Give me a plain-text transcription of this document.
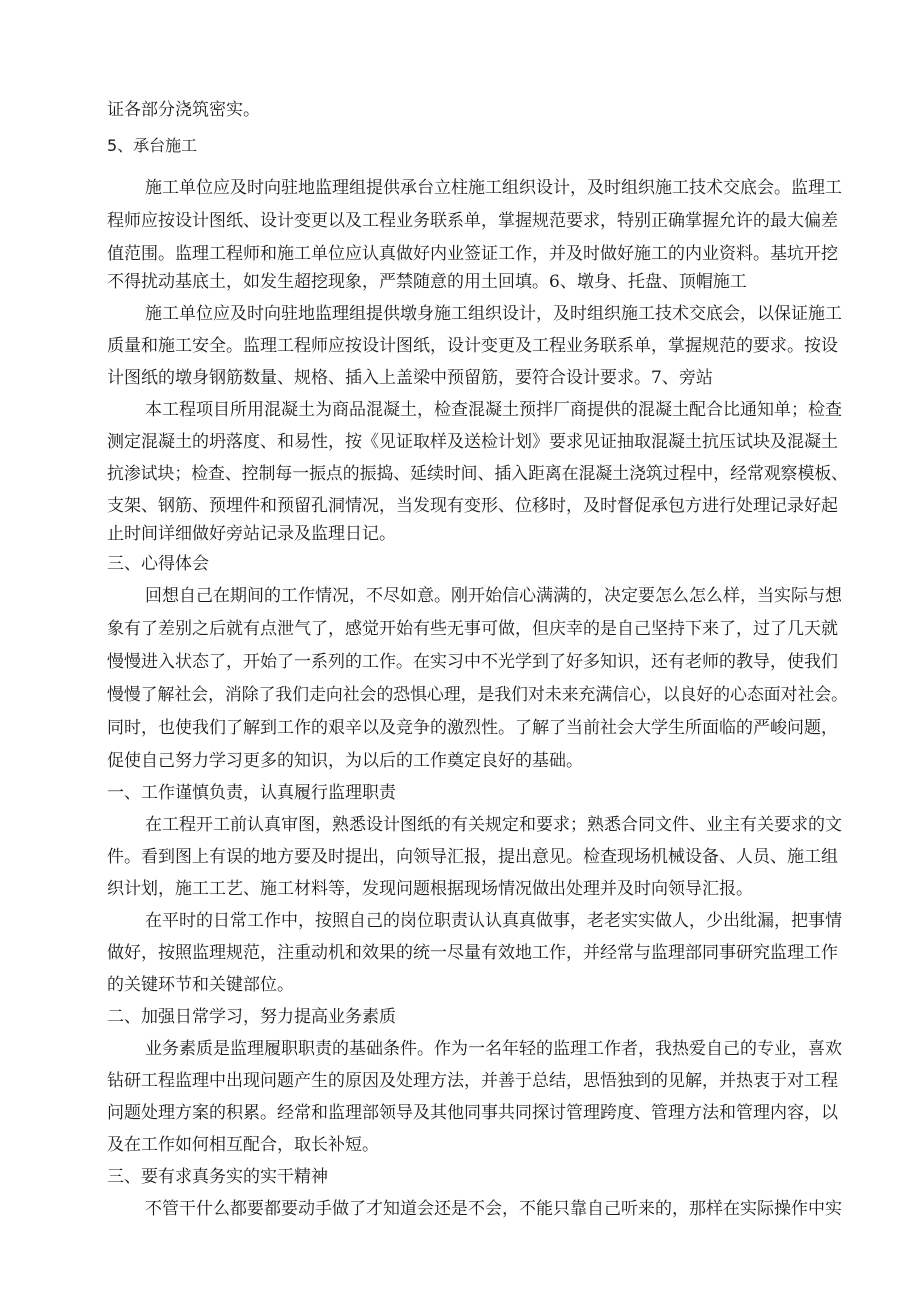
证各部分浇筑密实。
5、承台施工
施工单位应及时向驻地监理组提供承台立柱施工组织设计，及时组织施工技术交底会。监理工
程师应按设计图纸、设计变更以及工程业务联系单，掌握规范要求，特别正确掌握允许的最大偏差
值范围。监理工程师和施工单位应认真做好内业签证工作，并及时做好施工的内业资料。基坑开挖
不得扰动基底土，如发生超挖现象，严禁随意的用土回填。6、墩身、托盘、顶帽施工
施工单位应及时向驻地监理组提供墩身施工组织设计，及时组织施工技术交底会，以保证施工
质量和施工安全。监理工程师应按设计图纸，设计变更及工程业务联系单，掌握规范的要求。按设
计图纸的墩身钢筋数量、规格、插入上盖梁中预留筋，要符合设计要求。7、旁站
本工程项目所用混凝土为商品混凝土，检查混凝土预拌厂商提供的混凝土配合比通知单；检查
测定混凝土的坍落度、和易性，按《见证取样及送检计划》要求见证抽取混凝土抗压试块及混凝土
抗渗试块；检查、控制每一振点的振捣、延续时间、插入距离在混凝土浇筑过程中，经常观察模板、
支架、钢筋、预埋件和预留孔洞情况，当发现有变形、位移时，及时督促承包方进行处理记录好起
止时间详细做好旁站记录及监理日记。
三、心得体会
回想自己在期间的工作情况，不尽如意。刚开始信心满满的，决定要怎么怎么样，当实际与想
象有了差别之后就有点泄气了，感觉开始有些无事可做，但庆幸的是自己坚持下来了，过了几天就
慢慢进入状态了，开始了一系列的工作。在实习中不光学到了好多知识，还有老师的教导，使我们
慢慢了解社会，消除了我们走向社会的恐惧心理，是我们对未来充满信心，以良好的心态面对社会。
同时，也使我们了解到工作的艰辛以及竞争的激烈性。了解了当前社会大学生所面临的严峻问题，
促使自己努力学习更多的知识，为以后的工作奠定良好的基础。
一、工作谨慎负责，认真履行监理职责
在工程开工前认真审图，熟悉设计图纸的有关规定和要求；熟悉合同文件、业主有关要求的文
件。看到图上有误的地方要及时提出，向领导汇报，提出意见。检查现场机械设备、人员、施工组
织计划，施工工艺、施工材料等，发现问题根据现场情况做出处理并及时向领导汇报。
在平时的日常工作中，按照自己的岗位职责认认真真做事，老老实实做人，少出纰漏，把事情
做好，按照监理规范，注重动机和效果的统一尽量有效地工作，并经常与监理部同事研究监理工作
的关键环节和关键部位。
二、加强日常学习，努力提高业务素质
业务素质是监理履职职责的基础条件。作为一名年轻的监理工作者，我热爱自己的专业，喜欢
钻研工程监理中出现问题产生的原因及处理方法，并善于总结，思悟独到的见解，并热衷于对工程
问题处理方案的积累。经常和监理部领导及其他同事共同探讨管理跨度、管理方法和管理内容，以
及在工作如何相互配合，取长补短。
三、要有求真务实的实干精神
不管干什么都要都要动手做了才知道会还是不会，不能只靠自己听来的，那样在实际操作中实
